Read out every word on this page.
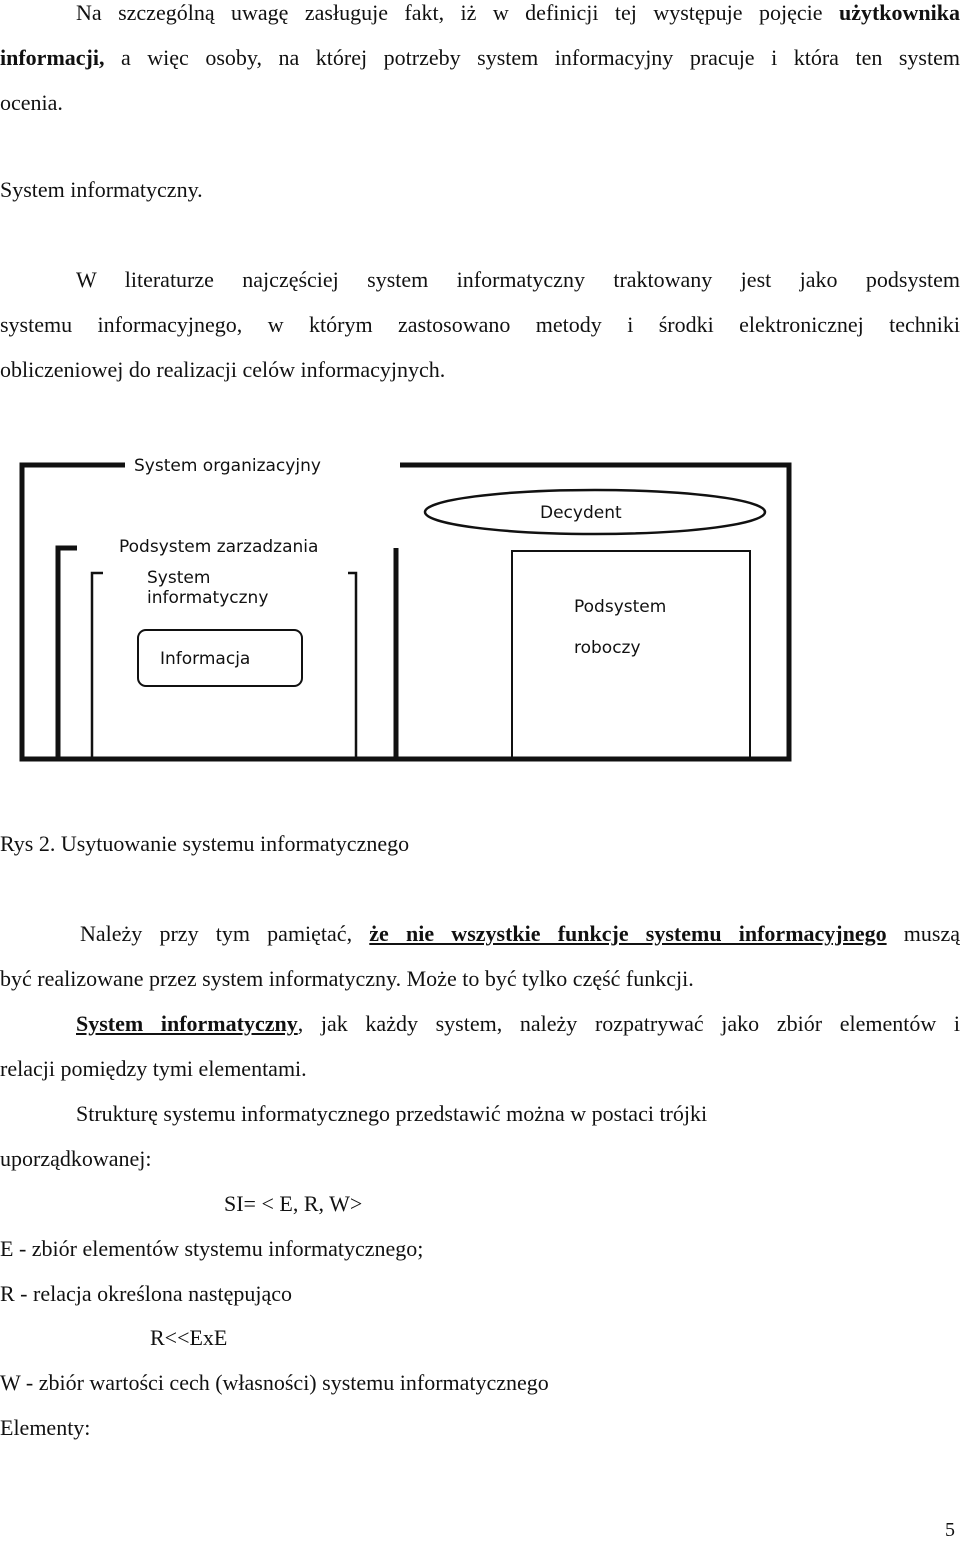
Na szczególną uwagę zasługuje fakt, iż w definicji tej występuje pojęcie użytkownika

informacji, a więc osoby, na której potrzeby system informacyjny pracuje i która ten system

ocenia.

System informatyczny.

W literaturze najczęściej system informatyczny traktowany jest jako podsystem

systemu informacyjnego, w którym zastosowano metody i środki elektronicznej techniki

obliczeniowej do realizacji celów informacyjnych.

System organizacyjny
Decydent
Podsystem zarzadzania
System
informatyczny
Informacja
Podsystem
roboczy

Rys 2. Usytuowanie systemu informatycznego

Należy przy tym pamiętać, że nie wszystkie funkcje systemu informacyjnego muszą

być realizowane przez system informatyczny. Może to być tylko część funkcji.

System informatyczny, jak każdy system, należy rozpatrywać jako zbiór elementów i

relacji pomiędzy tymi elementami.

Strukturę systemu informatycznego przedstawić można w postaci trójki

uporządkowanej:

SI= < E, R, W>

E - zbiór elementów stystemu informatycznego;

R - relacja określona następująco

R<<ExE

W - zbiór wartości cech (własności) systemu informatycznego

Elementy:

5
